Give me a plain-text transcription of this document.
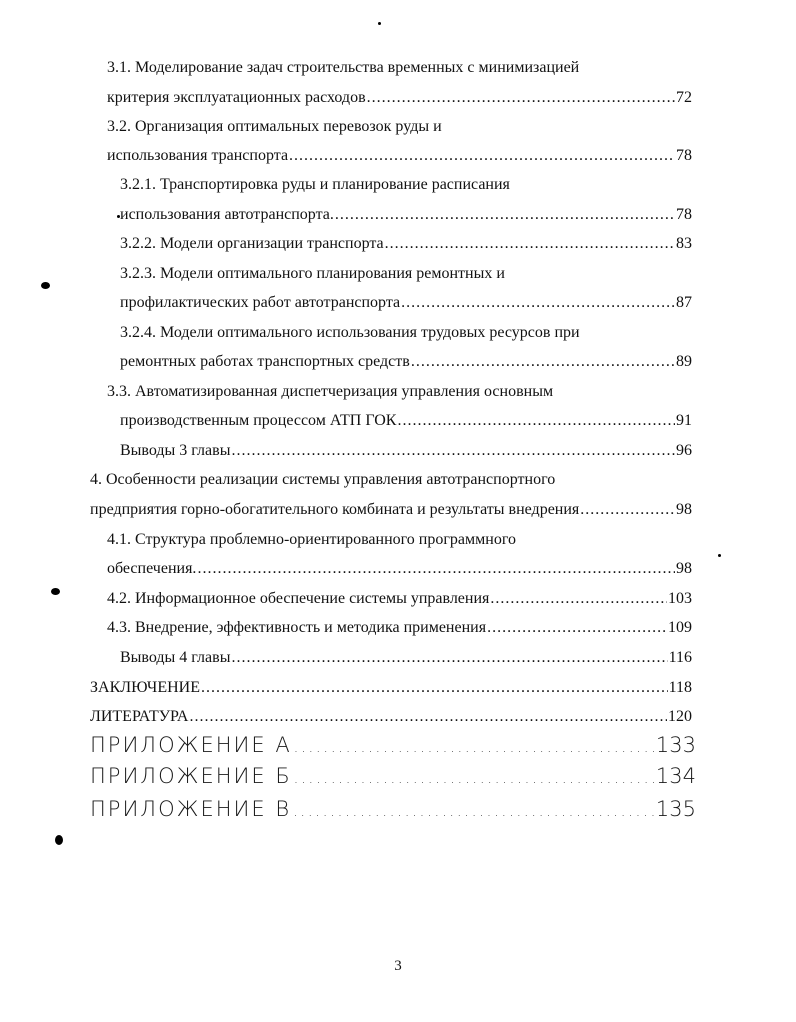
3.1. Моделирование задач строительства временных с минимизацией
критерия эксплуатационных расходов .....	72
3.2. Организация оптимальных перевозок руды и
использования транспорта .....	78
3.2.1. Транспортировка руды и планирование расписания
использования автотранспорта. .....	78
3.2.2. Модели организации транспорта .....	83
3.2.3. Модели оптимального планирования ремонтных и
профилактических работ автотранспорта .....	87
3.2.4. Модели оптимального использования трудовых ресурсов при
ремонтных работах транспортных средств .....	89
3.3. Автоматизированная диспетчеризация управления основным
производственным процессом АТП ГОК .....	91
Выводы 3 главы .....	96
4. Особенности реализации системы управления автотранспортного
предприятия горно-обогатительного комбината и результаты внедрения .....	98
4.1. Структура проблемно-ориентированного программного
обеспечения. .....	98
4.2. Информационное обеспечение системы управления .....	103
4.3. Внедрение, эффективность и методика применения .....	109
Выводы 4 главы .....	116
ЗАКЛЮЧЕНИЕ .....	118
ЛИТЕРАТУРА .....	120
ПРИЛОЖЕНИЕ А .....	133
ПРИЛОЖЕНИЕ Б .....	134
ПРИЛОЖЕНИЕ В .....	135
3
